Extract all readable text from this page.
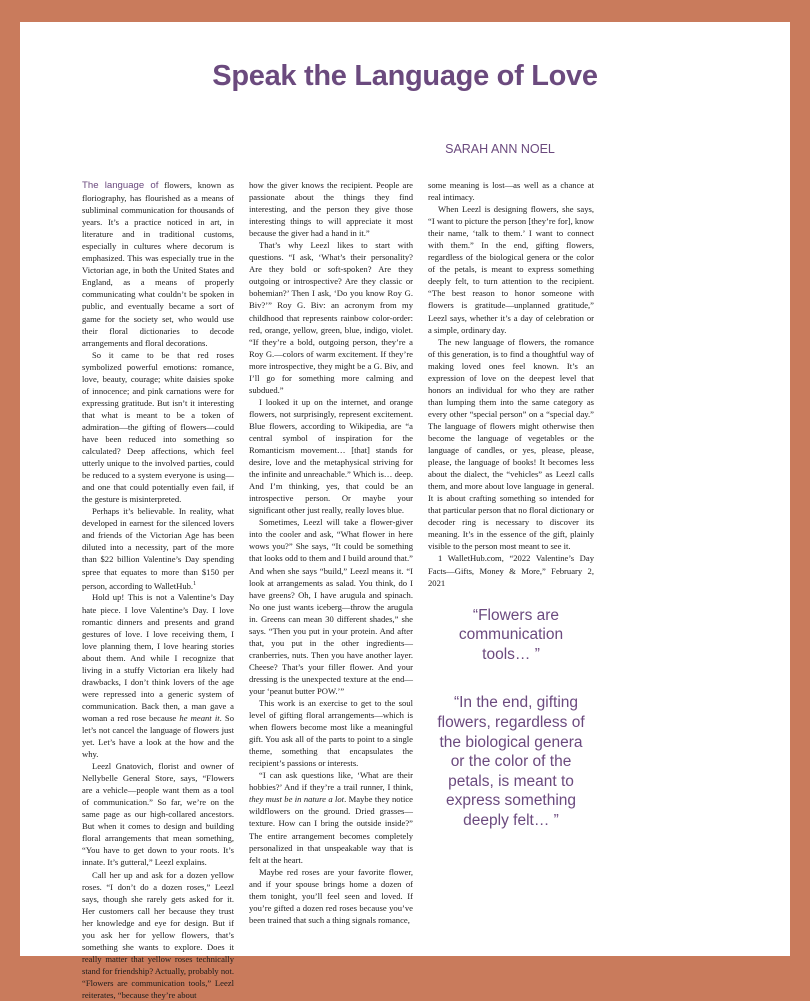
Speak the Language of Love
SARAH ANN NOEL

The language of flowers, known as floriography, has flourished as a means of subliminal communication for thousands of years. It’s a practice noticed in art, in literature and in traditional customs, especially in cultures where decorum is emphasized. This was especially true in the Victorian age, in both the United States and England, as a means of properly communicating what couldn’t be spoken in public, and eventually became a sort of game for the society set, who would use their floral dictionaries to decode arrangements and floral decorations.

So it came to be that red roses symbolized powerful emotions: romance, love, beauty, courage; white daisies spoke of innocence; and pink carnations were for expressing gratitude. But isn’t it interesting that what is meant to be a token of admiration—the gifting of flowers—could have been reduced into something so calculated? Deep affections, which feel utterly unique to the involved parties, could be reduced to a system everyone is using—and one that could potentially even fail, if the gesture is misinterpreted.

Perhaps it’s believable. In reality, what developed in earnest for the silenced lovers and friends of the Victorian Age has been diluted into a necessity, part of the more than $22 billion Valentine’s Day spending spree that equates to more than $150 per person, according to WalletHub.$^1$

Hold up! This is not a Valentine’s Day hate piece. I love Valentine’s Day. I love romantic dinners and presents and grand gestures of love. I love receiving them, I love planning them, I love hearing stories about them. And while I recognize that living in a stuffy Victorian era likely had drawbacks, I don’t think lovers of the age were repressed into a generic system of communication. Back then, a man gave a woman a red rose because he meant it. So let’s not cancel the language of flowers just yet. Let’s have a look at the how and the why.

Leezl Gnatovich, florist and owner of Nellybelle General Store, says, “Flowers are a vehicle—people want them as a tool of communication.” So far, we’re on the same page as our high-collared ancestors. But when it comes to design and building floral arrangements that mean something, “You have to get down to your roots. It’s innate. It’s gutteral,” Leezl explains.

Call her up and ask for a dozen yellow roses. “I don’t do a dozen roses,” Leezl says, though she rarely gets asked for it. Her customers call her because they trust her knowledge and eye for design. But if you ask her for yellow flowers, that’s something she wants to explore. Does it really matter that yellow roses technically stand for friendship? Actually, probably not. “Flowers are communication tools,” Leezl reiterates, “because they’re about

how the giver knows the recipient. People are passionate about the things they find interesting, and the person they give those interesting things to will appreciate it most because the giver had a hand in it.”

That’s why Leezl likes to start with questions. “I ask, ‘What’s their personality? Are they bold or soft-spoken? Are they outgoing or introspective? Are they classic or bohemian?’ Then I ask, ‘Do you know Roy G. Biv?’” Roy G. Biv: an acronym from my childhood that represents rainbow color-order: red, orange, yellow, green, blue, indigo, violet. “If they’re a bold, outgoing person, they’re a Roy G.—colors of warm excitement. If they’re more introspective, they might be a G. Biv, and I’ll go for something more calming and subdued.”

I looked it up on the internet, and orange flowers, not surprisingly, represent excitement. Blue flowers, according to Wikipedia, are “a central symbol of inspiration for the Romanticism movement… [that] stands for desire, love and the metaphysical striving for the infinite and unreachable.” Which is… deep. And I’m thinking, yes, that could be an introspective person. Or maybe your significant other just really, really loves blue.

Sometimes, Leezl will take a flower-giver into the cooler and ask, “What flower in here wows you?” She says, “It could be something that looks odd to them and I build around that.” And when she says “build,” Leezl means it. “I look at arrangements as salad. You think, do I have greens? Oh, I have arugula and spinach. No one just wants iceberg—throw the arugula in. Greens can mean 30 different shades,” she says. “Then you put in your protein. And after that, you put in the other ingredients—cranberries, nuts. Then you have another layer. Cheese? That’s your filler flower. And your dressing is the unexpected texture at the end—your ‘peanut butter POW.’”

This work is an exercise to get to the soul level of gifting floral arrangements—which is when flowers become most like a meaningful gift. You ask all of the parts to point to a single theme, something that encapsulates the recipient’s passions or interests.

“I can ask questions like, ‘What are their hobbies?’ And if they’re a trail runner, I think, they must be in nature a lot. Maybe they notice wildflowers on the ground. Dried grasses—texture. How can I bring the outside inside?” The entire arrangement becomes completely personalized in that unspeakable way that is felt at the heart.

Maybe red roses are your favorite flower, and if your spouse brings home a dozen of them tonight, you’ll feel seen and loved. If you’re gifted a dozen red roses because you’ve been trained that such a thing signals romance,

some meaning is lost—as well as a chance at real intimacy.

When Leezl is designing flowers, she says, “I want to picture the person [they’re for], know their name, ‘talk to them.’ I want to connect with them.” In the end, gifting flowers, regardless of the biological genera or the color of the petals, is meant to express something deeply felt, to turn attention to the recipient. “The best reason to honor someone with flowers is gratitude—unplanned gratitude,” Leezl says, whether it’s a day of celebration or a simple, ordinary day.

The new language of flowers, the romance of this generation, is to find a thoughtful way of making loved ones feel known. It’s an expression of love on the deepest level that honors an individual for who they are rather than lumping them into the same category as every other “special person” on a “special day.” The language of flowers might otherwise then become the language of vegetables or the language of candles, or yes, please, please, please, the language of books! It becomes less about the dialect, the “vehicles” as Leezl calls them, and more about love language in general. It is about crafting something so intended for that particular person that no floral dictionary or decoder ring is necessary to discover its meaning. It’s in the essence of the gift, plainly visible to the person most meant to see it.

1 WalletHub.com, “2022 Valentine’s Day Facts—Gifts, Money & More,” February 2, 2021

“Flowers are communication tools… ”

“In the end, gifting flowers, regardless of the biological genera or the color of the petals, is meant to express something deeply felt… ”
